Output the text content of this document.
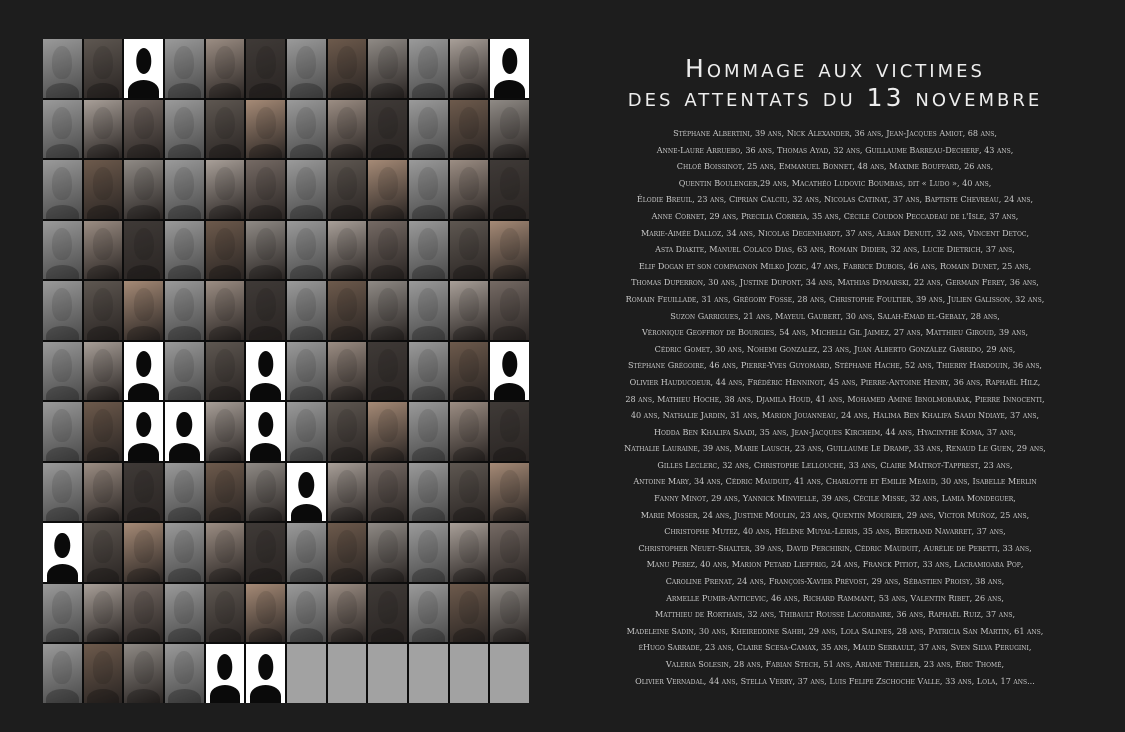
Hommage aux victimes
des attentats du 13 novembre
Stéphane Albertini, 39 ans, Nick Alexander, 36 ans, Jean-Jacques Amiot, 68 ans,
Anne-Laure Arruebo, 36 ans, Thomas Ayad, 32 ans, Guillaume Barreau-Decherf, 43 ans,
Chloé Boissinot, 25 ans, Emmanuel Bonnet, 48 ans, Maxime Bouffard, 26 ans,
Quentin Boulenger,29 ans, Macathéo Ludovic Boumbas, dit « Ludo », 40 ans,
Élodie Breuil, 23 ans, Ciprian Calciu, 32 ans, Nicolas Catinat, 37 ans, Baptiste Chevreau, 24 ans,
Anne Cornet, 29 ans, Precilia Correia, 35 ans, Cécile Coudon Peccadeau de l'Isle, 37 ans,
Marie-Aimée Dalloz, 34 ans, Nicolas Degenhardt, 37 ans, Alban Denuit, 32 ans, Vincent Detoc,
Asta Diakite, Manuel Colaco Dias, 63 ans, Romain Didier, 32 ans, Lucie Dietrich, 37 ans,
Elif Dogan et son compagnon Milko Jozic, 47 ans, Fabrice Dubois, 46 ans, Romain Dunet, 25 ans,
Thomas Duperron, 30 ans, Justine Dupont, 34 ans, Mathias Dymarski, 22 ans, Germain Ferey, 36 ans,
Romain Feuillade, 31 ans, Grégory Fosse, 28 ans, Christophe Foultier, 39 ans, Julien Galisson, 32 ans,
Suzon Garrigues, 21 ans, Mayeul Gaubert, 30 ans, Salah-Emad el-Gebaly, 28 ans,
Véronique Geoffroy de Bourgies, 54 ans, Michelli Gil Jaimez, 27 ans, Matthieu Giroud, 39 ans,
Cédric Gomet, 30 ans, Nohemi Gonzalez, 23 ans, Juan Alberto González Garrido, 29 ans,
Stéphane Grégoire, 46 ans, Pierre-Yves Guyomard, Stéphane Hache, 52 ans, Thierry Hardouin, 36 ans,
Olivier Hauducoeur, 44 ans, Frédéric Henninot, 45 ans, Pierre-Antoine Henry, 36 ans, Raphaël Hilz,
28 ans, Mathieu Hoche, 38 ans, Djamila Houd, 41 ans, Mohamed Amine Ibnolmobarak, Pierre Innocenti,
40 ans, Nathalie Jardin, 31 ans, Marion Jouanneau, 24 ans, Halima Ben Khalifa Saadi Ndiaye, 37 ans,
Hodda Ben Khalifa Saadi, 35 ans, Jean-Jacques Kircheim, 44 ans, Hyacinthe Koma, 37 ans,
Nathalie Lauraine, 39 ans, Marie Lausch, 23 ans, Guillaume Le Dramp, 33 ans, Renaud Le Guen, 29 ans,
Gilles Leclerc, 32 ans, Christophe Lellouche, 33 ans, Claire Maîtrot-Tapprest, 23 ans,
Antoine Mary, 34 ans, Cédric Mauduit, 41 ans, Charlotte et Emilie Meaud, 30 ans, Isabelle Merlin
Fanny Minot, 29 ans, Yannick Minvielle, 39 ans, Cécile Misse, 32 ans, Lamia Mondeguer,
Marie Mosser, 24 ans, Justine Moulin, 23 ans, Quentin Mourier, 29 ans, Victor Muñoz, 25 ans,
Christophe Mutez, 40 ans, Hélène Muyal-Leiris, 35 ans, Bertrand Navarret, 37 ans,
Christopher Neuet-Shalter, 39 ans, David Perchirin, Cédric Mauduit, Aurélie de Peretti, 33 ans,
Manu Perez, 40 ans, Marion Petard Lieffrig, 24 ans, Franck Pitiot, 33 ans, Lacramioara Pop,
Caroline Prenat, 24 ans, François-Xavier Prévost, 29 ans, Sébastien Proisy, 38 ans,
Armelle Pumir-Anticevic, 46 ans, Richard Rammant, 53 ans, Valentin Ribet, 26 ans,
Matthieu de Rorthais, 32 ans, Thibault Rousse Lacordaire, 36 ans, Raphaël Ruiz, 37 ans,
Madeleine Sadin, 30 ans, Kheireddine Sahbi, 29 ans, Lola Salines, 28 ans, Patricia San Martin, 61 ans,
éHugo Sarrade, 23 ans, Claire Scesa-Camax, 35 ans, Maud Serrault, 37 ans, Sven Silva Perugini,
Valeria Solesin, 28 ans, Fabian Stech, 51 ans, Ariane Theiller, 23 ans, Eric Thomé,
Olivier Vernadal, 44 ans, Stella Verry, 37 ans, Luis Felipe Zschoche Valle, 33 ans, Lola, 17 ans...
